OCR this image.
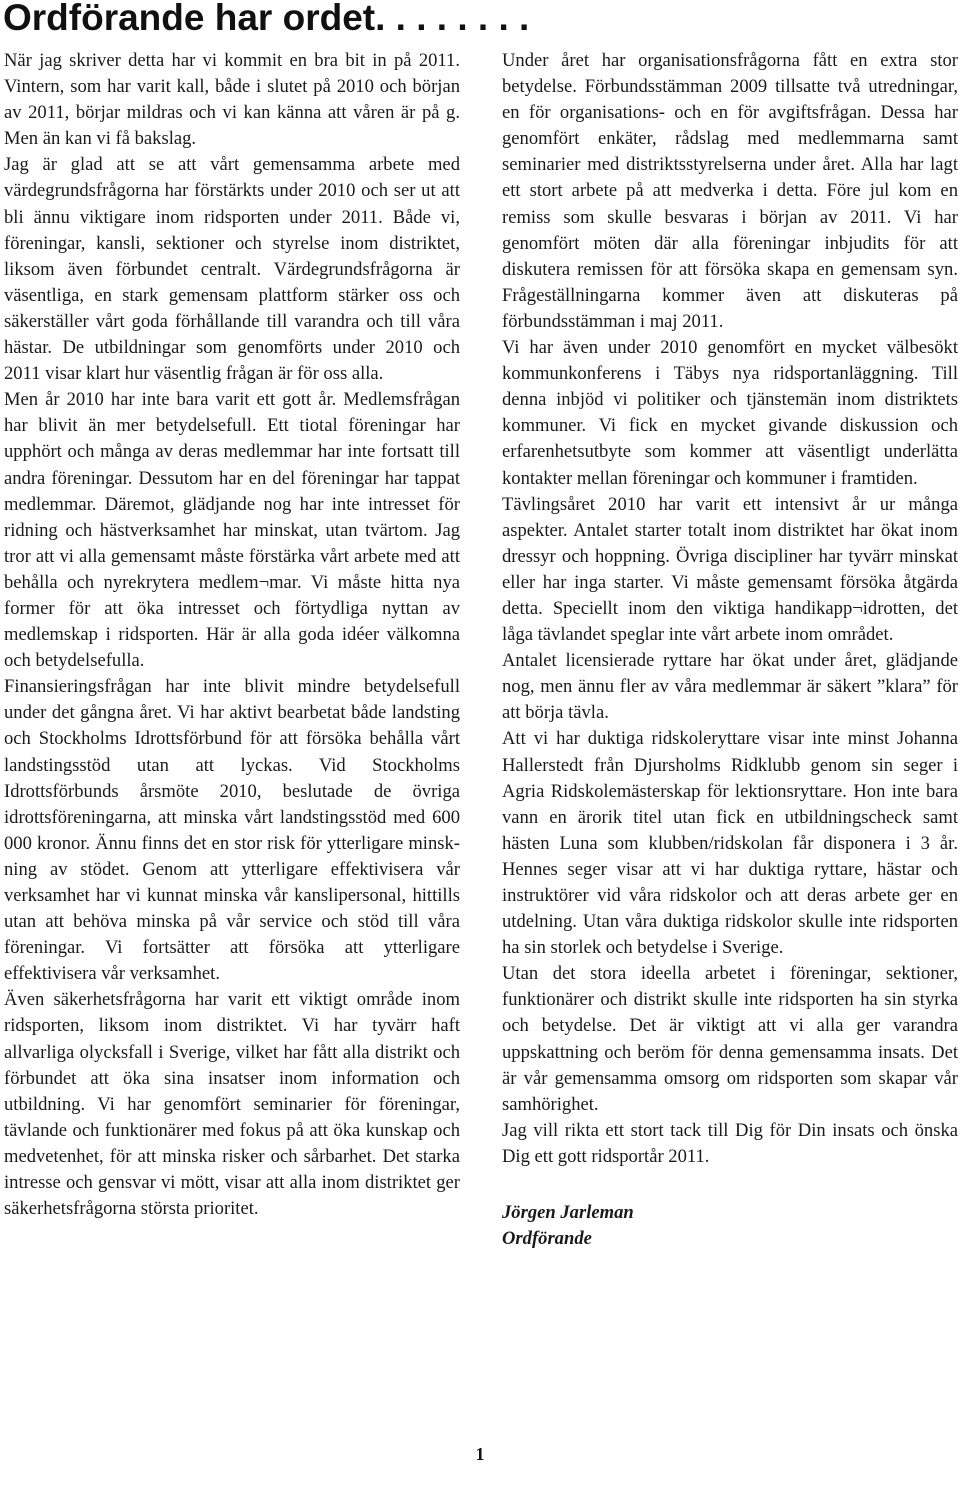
Ordförande har ordet. . . . . . . .

När jag skriver detta har vi kommit en bra bit in på 2011. Vintern, som har varit kall, både i slutet på 2010 och början av 2011, börjar mildras och vi kan känna att våren är på g. Men än kan vi få bakslag.

Jag är glad att se att vårt gemensamma arbete med värdegrundsfrågorna har förstärkts under 2010 och ser ut att bli ännu viktigare inom ridsporten under 2011. Både vi, föreningar, kansli, sektioner och styrelse inom distriktet, liksom även förbundet centralt. Värdegrundsfrågorna är väsentliga, en stark gemensam plattform stärker oss och säkerställer vårt goda förhållande till varandra och till våra hästar. De utbildningar som genomförts under 2010 och 2011 visar klart hur väsentlig frågan är för oss alla.

Men år 2010 har inte bara varit ett gott år. Medlemsfrågan har blivit än mer betydelsefull. Ett tiotal föreningar har upphört och många av deras medlemmar har inte fortsatt till andra föreningar. Dessutom har en del föreningar har tappat medlemmar. Däremot, glädjande nog har inte intresset för ridning och hästverksamhet har minskat, utan tvärtom. Jag tror att vi alla gemensamt måste förstärka vårt arbete med att behålla och nyrekrytera medlem¬mar. Vi måste hitta nya former för att öka intresset och förtydliga nyttan av medlemskap i ridsporten. Här är alla goda idéer välkomna och betydelsefulla.

Finansieringsfrågan har inte blivit mindre betydelsefull under det gångna året. Vi har aktivt bearbetat både landsting och Stockholms Idrottsförbund för att försöka behålla vårt landstingsstöd utan att lyckas. Vid Stockholms Idrottsförbunds årsmöte 2010, beslutade de övriga idrottsföreningarna, att minska vårt landstingsstöd med 600 000 kronor. Ännu finns det en stor risk för ytterligare minskning av stödet. Genom att ytterligare effektivisera vår verksamhet har vi kunnat minska vår kanslipersonal, hittills utan att behöva minska på vår service och stöd till våra föreningar. Vi fortsätter att försöka att ytterligare effektivisera vår verksamhet.

Även säkerhetsfrågorna har varit ett viktigt område inom ridsporten, liksom inom distriktet. Vi har tyvärr haft allvarliga olycksfall i Sverige, vilket har fått alla distrikt och förbundet att öka sina insatser inom information och utbildning. Vi har genomfört seminarier för föreningar, tävlande och funktionärer med fokus på att öka kunskap och medvetenhet, för att minska risker och sårbarhet. Det starka intresse och gensvar vi mött, visar att alla inom distriktet ger säkerhetsfrågorna största prioritet.

Under året har organisationsfrågorna fått en extra stor betydelse. Förbundsstämman 2009 tillsatte två utredningar, en för organisations- och en för avgiftsfrågan. Dessa har genomfört enkäter, rådslag med medlemmarna samt seminarier med distriktsstyrelserna under året. Alla har lagt ett stort arbete på att medverka i detta. Före jul kom en remiss som skulle besvaras i början av 2011. Vi har genomfört möten där alla föreningar inbjudits för att diskutera remissen för att försöka skapa en gemensam syn. Frågeställningarna kommer även att diskuteras på förbundsstämman i maj 2011.

Vi har även under 2010 genomfört en mycket välbesökt kommunkonferens i Täbys nya ridsportanläggning. Till denna inbjöd vi politiker och tjänstemän inom distriktets kommuner. Vi fick en mycket givande diskussion och erfarenhetsutbyte som kommer att väsentligt underlätta kontakter mellan föreningar och kommuner i framtiden.

Tävlingsåret 2010 har varit ett intensivt år ur många aspekter. Antalet starter totalt inom distriktet har ökat inom dressyr och hoppning. Övriga discipliner har tyvärr minskat eller har inga starter. Vi måste gemensamt försöka åtgärda detta. Speciellt inom den viktiga handikapp¬idrotten, det låga tävlandet speglar inte vårt arbete inom området.

Antalet licensierade ryttare har ökat under året, glädjande nog, men ännu fler av våra medlemmar är säkert ”klara” för att börja tävla.

Att vi har duktiga ridskoleryttare visar inte minst Johanna Hallerstedt från Djursholms Ridklubb genom sin seger i Agria Ridskolemästerskap för lektionsryttare. Hon inte bara vann en ärorik titel utan fick en utbildningscheck samt hästen Luna som klubben/ridskolan får disponera i 3 år. Hennes seger visar att vi har duktiga ryttare, hästar och instruktörer vid våra ridskolor och att deras arbete ger en utdelning. Utan våra duktiga ridskolor skulle inte ridsporten ha sin storlek och betydelse i Sverige.

Utan det stora ideella arbetet i föreningar, sektioner, funktionärer och distrikt skulle inte ridsporten ha sin styrka och betydelse. Det är viktigt att vi alla ger varandra uppskattning och beröm för denna gemensamma insats. Det är vår gemensamma omsorg om ridsporten som skapar vår samhörighet.

Jag vill rikta ett stort tack till Dig för Din insats och önska Dig ett gott ridsportår 2011.

Jörgen Jarleman
Ordförande
1
